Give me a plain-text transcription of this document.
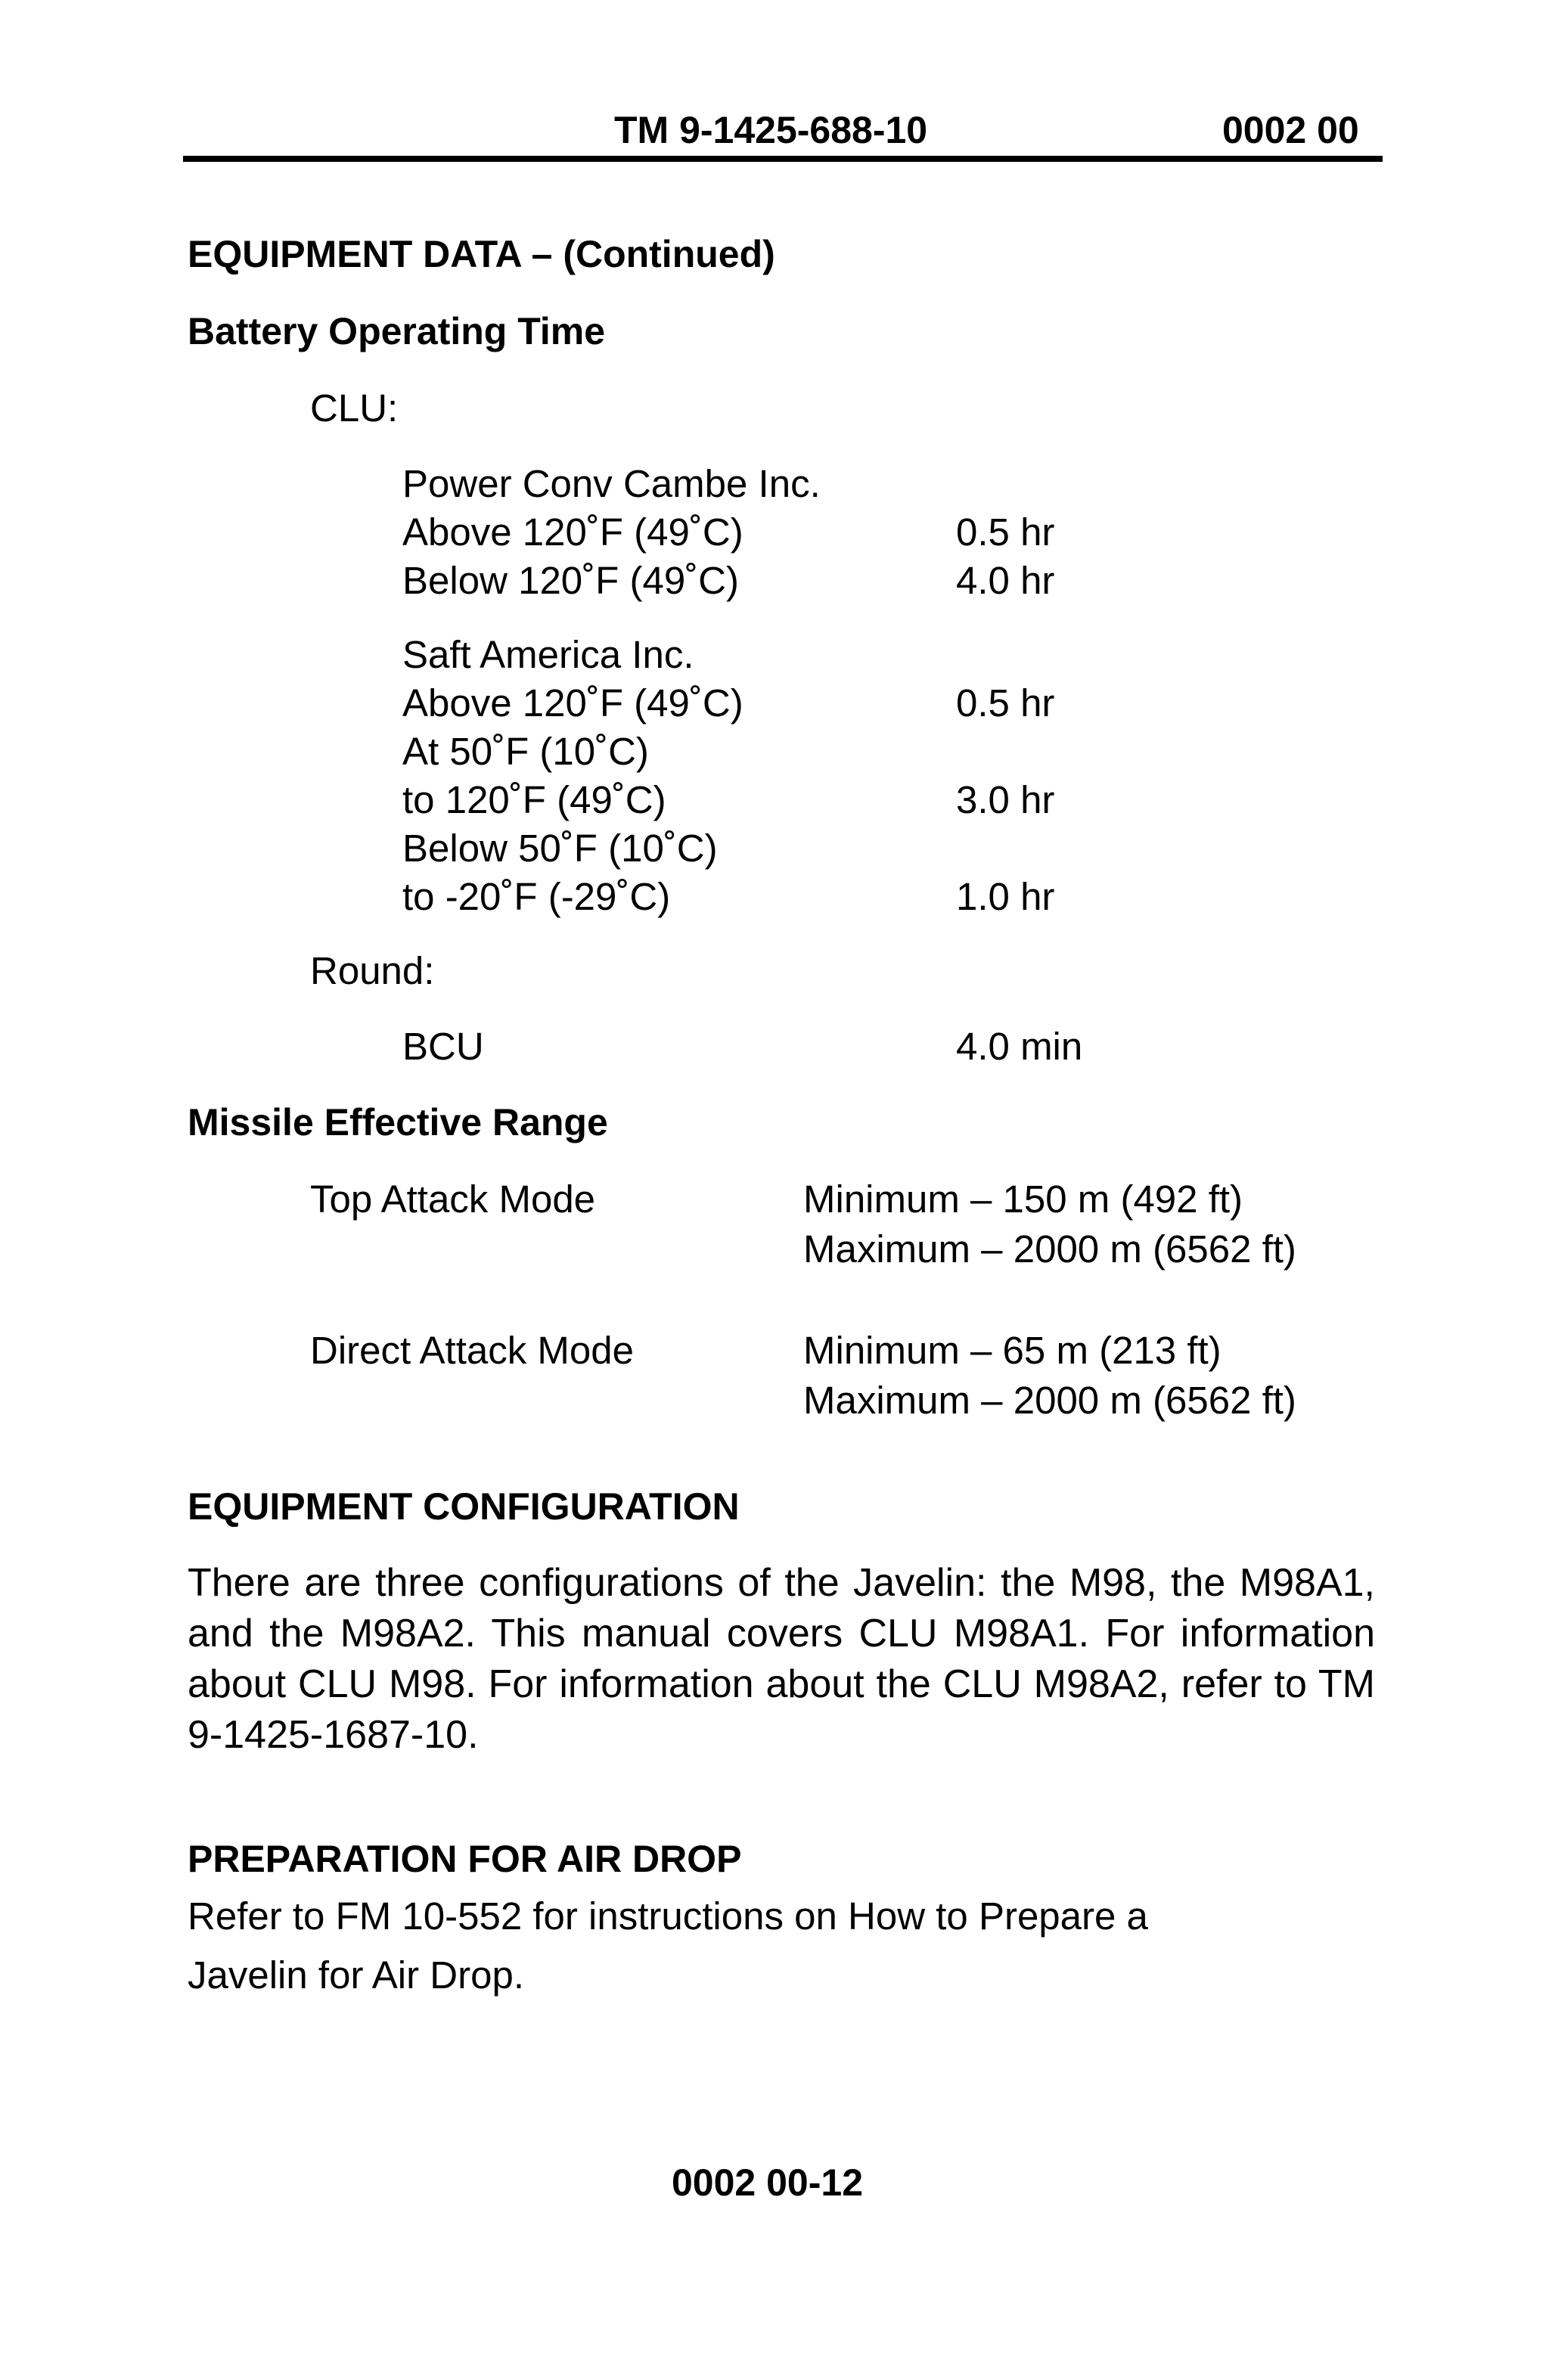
TM 9-1425-688-10	0002 00
EQUIPMENT DATA – (Continued)
Battery Operating Time
CLU:
Power Conv Cambe Inc.
Above 120˚F (49˚C)	0.5 hr
Below 120˚F (49˚C)	4.0 hr
Saft America Inc.
Above 120˚F (49˚C)	0.5 hr
At 50˚F (10˚C)
to 120˚F (49˚C)	3.0 hr
Below 50˚F (10˚C)
to -20˚F (-29˚C)	1.0 hr
Round:
BCU	4.0 min
Missile Effective Range
Top Attack Mode	Minimum – 150 m (492 ft)
Maximum – 2000 m (6562 ft)
Direct Attack Mode	Minimum – 65 m (213 ft)
Maximum – 2000 m (6562 ft)
EQUIPMENT CONFIGURATION
There are three configurations of the Javelin: the M98, the M98A1, and the M98A2. This manual covers CLU M98A1. For information about CLU M98. For information about the CLU M98A2, refer to TM 9-1425-1687-10.
PREPARATION FOR AIR DROP
Refer to FM 10-552 for instructions on How to Prepare a
Javelin for Air Drop.
0002 00-12
